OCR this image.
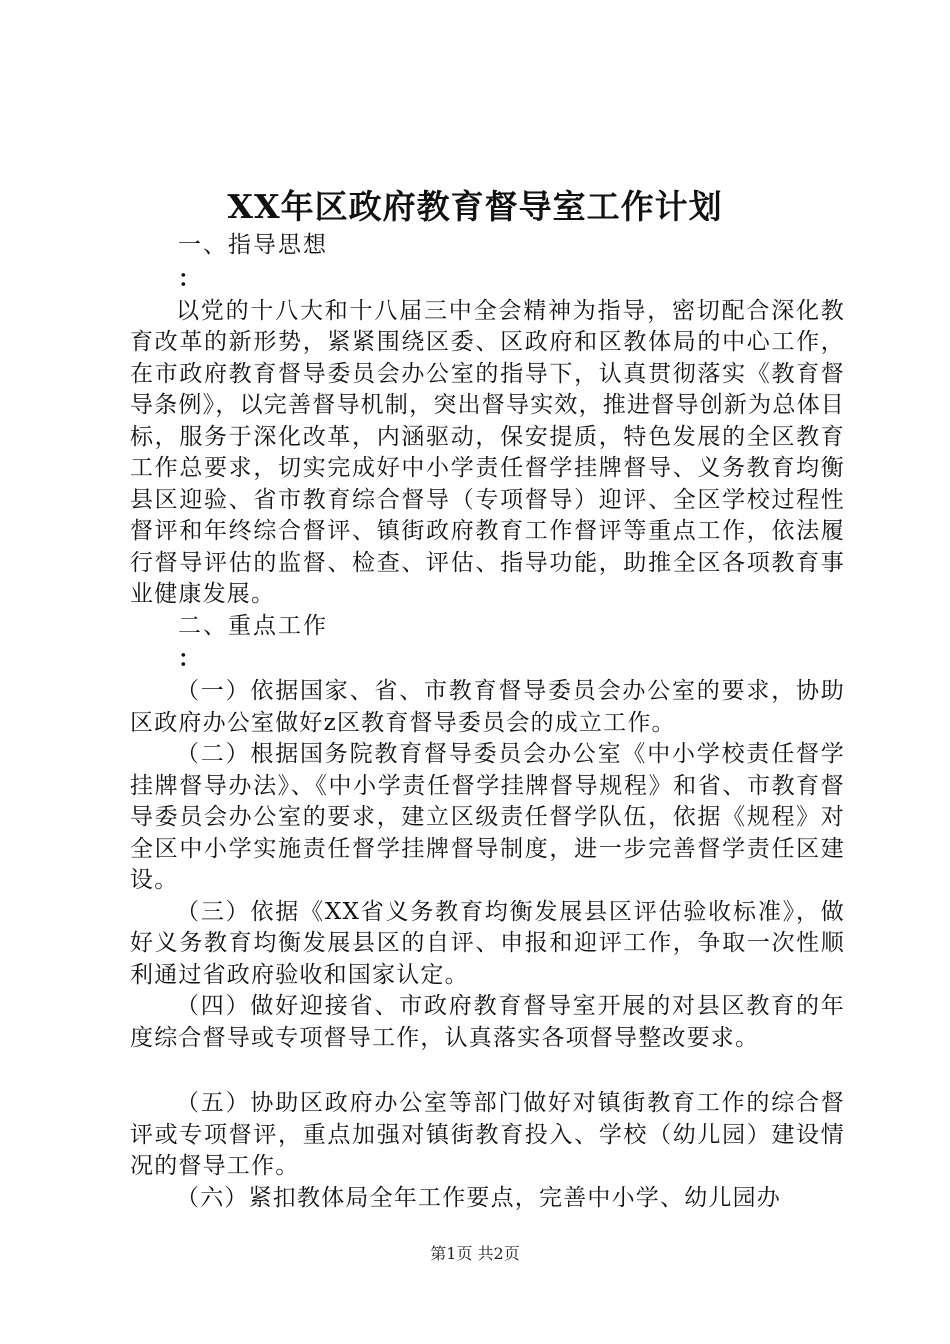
XX年区政府教育督导室工作计划
一、指导思想
：

以党的十八大和十八届三中全会精神为指导，密切配合深化教育改革的新形势，紧紧围绕区委、区政府和区教体局的中心工作，在市政府教育督导委员会办公室的指导下，认真贯彻落实《教育督导条例》，以完善督导机制，突出督导实效，推进督导创新为总体目标，服务于深化改革，内涵驱动，保安提质，特色发展的全区教育工作总要求，切实完成好中小学责任督学挂牌督导、义务教育均衡县区迎验、省市教育综合督导（专项督导）迎评、全区学校过程性督评和年终综合督评、镇街政府教育工作督评等重点工作，依法履行督导评估的监督、检查、评估、指导功能，助推全区各项教育事业健康发展。

二、重点工作
：

（一）依据国家、省、市教育督导委员会办公室的要求，协助区政府办公室做好z区教育督导委员会的成立工作。

（二）根据国务院教育督导委员会办公室《中小学校责任督学挂牌督导办法》、《中小学责任督学挂牌督导规程》和省、市教育督导委员会办公室的要求，建立区级责任督学队伍，依据《规程》对全区中小学实施责任督学挂牌督导制度，进一步完善督学责任区建设。

（三）依据《XX省义务教育均衡发展县区评估验收标准》，做好义务教育均衡发展县区的自评、申报和迎评工作，争取一次性顺利通过省政府验收和国家认定。

（四）做好迎接省、市政府教育督导室开展的对县区教育的年度综合督导或专项督导工作，认真落实各项督导整改要求。

（五）协助区政府办公室等部门做好对镇街教育工作的综合督评或专项督评，重点加强对镇街教育投入、学校（幼儿园）建设情况的督导工作。

（六）紧扣教体局全年工作要点，完善中小学、幼儿园办

第1页 共2页
